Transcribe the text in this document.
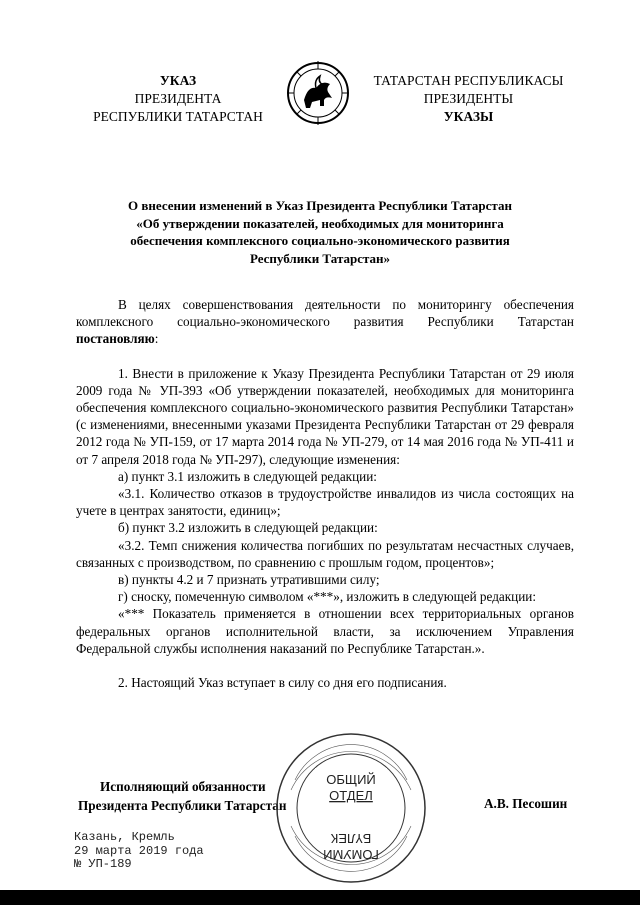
УКАЗ
ПРЕЗИДЕНТА
РЕСПУБЛИКИ ТАТАРСТАН
ТАТАРСТАН РЕСПУБЛИКАСЫ
ПРЕЗИДЕНТЫ
УКАЗЫ
О внесении изменений в Указ Президента Республики Татарстан
«Об утверждении показателей, необходимых для мониторинга
обеспечения комплексного социально-экономического развития
Республики Татарстан»

В целях совершенствования деятельности по мониторингу обеспечения комплексного социально-экономического развития Республики Татарстан постановляю:

1. Внести в приложение к Указу Президента Республики Татарстан от 29 июля 2009 года № УП-393 «Об утверждении показателей, необходимых для мониторинга обеспечения комплексного социально-экономического развития Республики Татарстан» (с изменениями, внесенными указами Президента Республики Татарстан от 29 февраля 2012 года № УП-159, от 17 марта 2014 года № УП-279, от 14 мая 2016 года № УП-411 и от 7 апреля 2018 года № УП-297), следующие изменения:

а) пункт 3.1 изложить в следующей редакции:

«3.1. Количество отказов в трудоустройстве инвалидов из числа состоящих на учете в центрах занятости, единиц»;

б) пункт 3.2 изложить в следующей редакции:

«3.2. Темп снижения количества погибших по результатам несчастных случаев, связанных с производством, по сравнению с прошлым годом, процентов»;

в) пункты 4.2 и 7 признать утратившими силу;

г) сноску, помеченную символом «***», изложить в следующей редакции:

«*** Показатель применяется в отношении всех территориальных органов федеральных органов исполнительной власти, за исключением Управления Федеральной службы исполнения наказаний по Республике Татарстан.».

2. Настоящий Указ вступает в силу со дня его подписания.

Исполняющий обязанности
Президента Республики Татарстан
ОБЩИЙ
ОТДЕЛ
БҮЛЕК
ГОМУМИ
А.В. Песошин
Казань, Кремль
29 марта 2019 года
№ УП-189
